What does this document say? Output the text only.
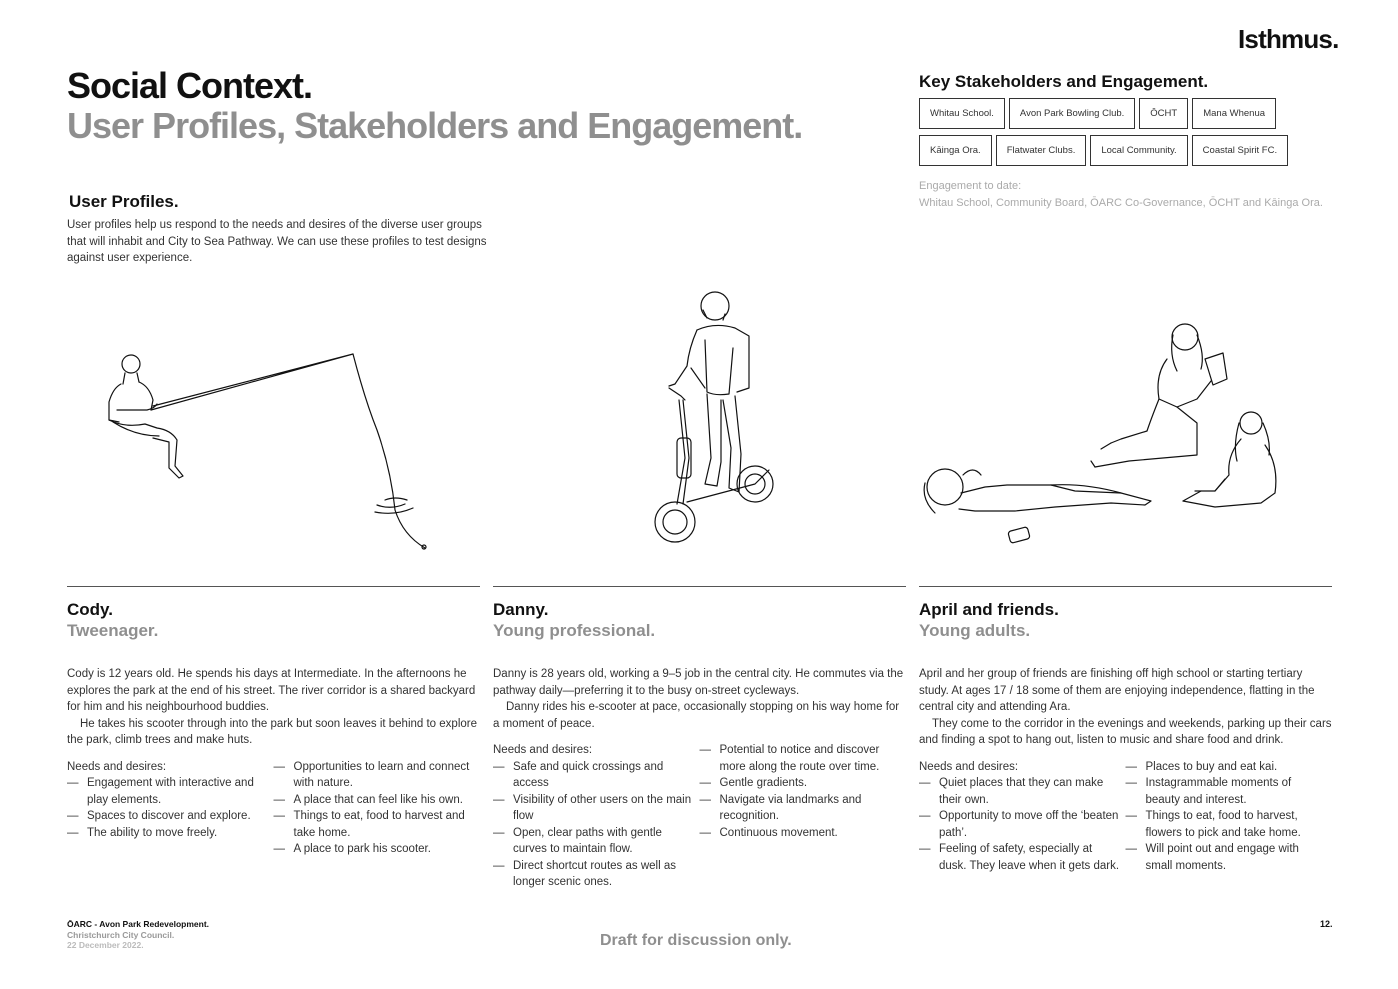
Isthmus.
Social Context.
User Profiles, Stakeholders and Engagement.
User Profiles.

User profiles help us respond to the needs and desires of the diverse user groups that will inhabit and City to Sea Pathway. We can use these profiles to test designs against user experience.

Key Stakeholders and Engagement.
Whitau School.	Avon Park Bowling Club.	ŌCHT	Mana Whenua
Kāinga Ora.	Flatwater Clubs.	Local Community.	Coastal Spirit FC.
Engagement to date:
Whitau School, Community Board, ŌARC Co-Governance, ŌCHT and Kāinga Ora.
Cody.
Tweenager.

Cody is 12 years old. He spends his days at Intermediate. In the afternoons he explores the park at the end of his street. The river corridor is a shared backyard for him and his neighbourhood buddies.

He takes his scooter through into the park but soon leaves it behind to explore the park, climb trees and make huts.

Needs and desires:
— Engagement with interactive and play elements.
— Spaces to discover and explore.
— The ability to move freely.
— Opportunities to learn and connect with nature.
— A place that can feel like his own.
— Things to eat, food to harvest and take home.
— A place to park his scooter.
Danny.
Young professional.

Danny is 28 years old, working a 9–5 job in the central city. He commutes via the pathway daily—preferring it to the busy on-street cycleways.

Danny rides his e-scooter at pace, occasionally stopping on his way home for a moment of peace.

Needs and desires:
— Safe and quick crossings and access
— Visibility of other users on the main flow
— Open, clear paths with gentle curves to maintain flow.
— Direct shortcut routes as well as longer scenic ones.
— Potential to notice and discover more along the route over time.
— Gentle gradients.
— Navigate via landmarks and recognition.
— Continuous movement.
April and friends.
Young adults.

April and her group of friends are finishing off high school or starting tertiary study. At ages 17 / 18 some of them are enjoying independence, flatting in the central city and attending Ara.

They come to the corridor in the evenings and weekends, parking up their cars and finding a spot to hang out, listen to music and share food and drink.

Needs and desires:
— Quiet places that they can make their own.
— Opportunity to move off the ‘beaten path’.
— Feeling of safety, especially at dusk. They leave when it gets dark.
— Places to buy and eat kai.
— Instagrammable moments of beauty and interest.
— Things to eat, food to harvest, flowers to pick and take home.
— Will point out and engage with small moments.
ŌARC - Avon Park Redevelopment.
Christchurch City Council.
22 December 2022.	Draft for discussion only.
12.
